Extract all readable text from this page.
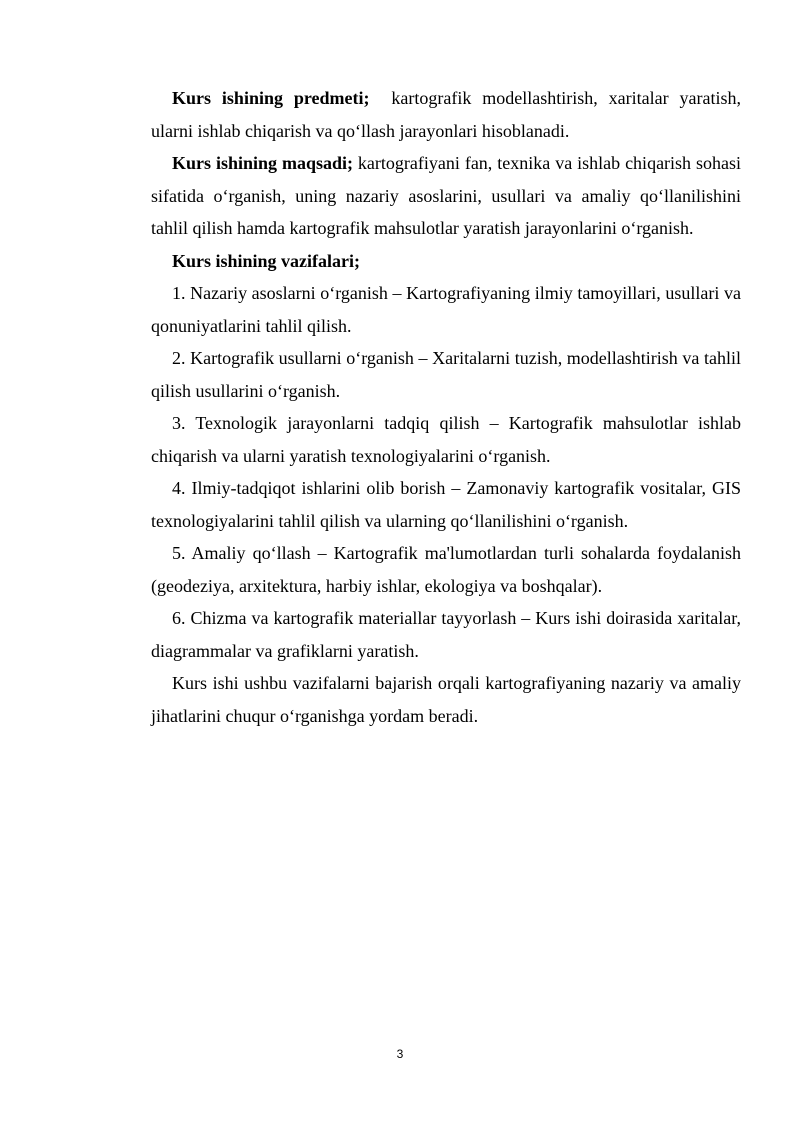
Kurs ishining predmeti; kartografik modellashtirish, xaritalar yaratish, ularni ishlab chiqarish va qo‘llash jarayonlari hisoblanadi.

Kurs ishining maqsadi; kartografiyani fan, texnika va ishlab chiqarish sohasi sifatida o‘rganish, uning nazariy asoslarini, usullari va amaliy qo‘llanilishini tahlil qilish hamda kartografik mahsulotlar yaratish jarayonlarini o‘rganish.

Kurs ishining vazifalari;

1. Nazariy asoslarni o‘rganish – Kartografiyaning ilmiy tamoyillari, usullari va qonuniyatlarini tahlil qilish.

2. Kartografik usullarni o‘rganish – Xaritalarni tuzish, modellashtirish va tahlil qilish usullarini o‘rganish.

3. Texnologik jarayonlarni tadqiq qilish – Kartografik mahsulotlar ishlab chiqarish va ularni yaratish texnologiyalarini o‘rganish.

4. Ilmiy-tadqiqot ishlarini olib borish – Zamonaviy kartografik vositalar, GIS texnologiyalarini tahlil qilish va ularning qo‘llanilishini o‘rganish.

5. Amaliy qo‘llash – Kartografik ma'lumotlardan turli sohalarda foydalanish (geodeziya, arxitektura, harbiy ishlar, ekologiya va boshqalar).

6. Chizma va kartografik materiallar tayyorlash – Kurs ishi doirasida xaritalar, diagrammalar va grafiklarni yaratish.

Kurs ishi ushbu vazifalarni bajarish orqali kartografiyaning nazariy va amaliy jihatlarini chuqur o‘rganishga yordam beradi.

3
